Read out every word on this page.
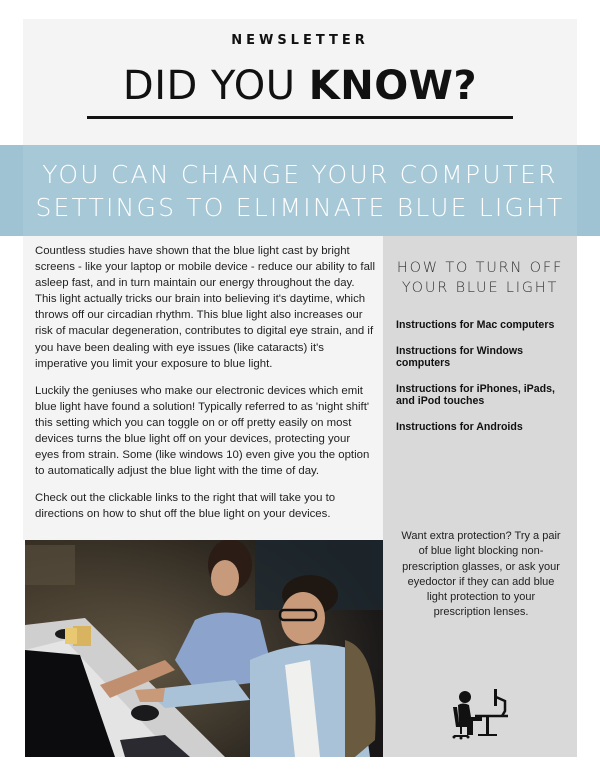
NEWSLETTER
DID YOU KNOW?
YOU CAN CHANGE YOUR COMPUTER
SETTINGS TO ELIMINATE BLUE LIGHT

Countless studies have shown that the blue light cast by bright screens - like your laptop or mobile device - reduce our ability to fall asleep fast, and in turn maintain our energy throughout the day. This light actually tricks our brain into believing it's daytime, which throws off our circadian rhythm. This blue light also increases our risk of macular degeneration, contributes to digital eye strain, and if you have been dealing with eye issues (like cataracts) it's imperative you limit your exposure to blue light.

Luckily the geniuses who make our electronic devices which emit blue light have found a solution! Typically referred to as 'night shift' this setting which you can toggle on or off pretty easily on most devices turns the blue light off on your devices, protecting your eyes from strain. Some (like windows 10) even give you the option to automatically adjust the blue light with the time of day.

Check out the clickable links to the right that will take you to directions on how to shut off the blue light on your devices.

HOW TO TURN OFF
YOUR BLUE LIGHT
Instructions for Mac computers
Instructions for Windows computers
Instructions for iPhones, iPads, and iPod touches
Instructions for Androids
Want extra protection? Try a pair of blue light blocking non-prescription glasses, or ask your eyedoctor if they can add blue light protection to your prescription lenses.
